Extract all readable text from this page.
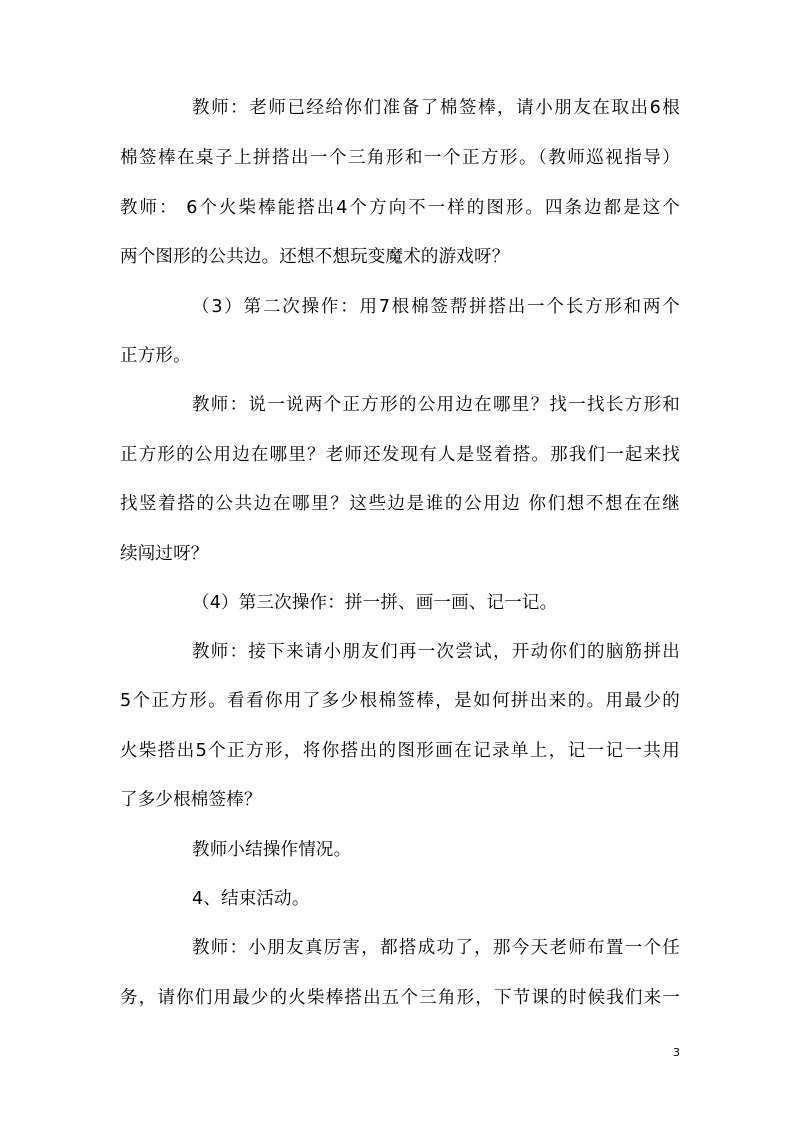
教师：老师已经给你们准备了棉签棒，请小朋友在取出6根
棉签棒在桌子上拼搭出一个三角形和一个正方形。（教师巡视指导）
教师： 6个火柴棒能搭出4个方向不一样的图形。四条边都是这个
两个图形的公共边。还想不想玩变魔术的游戏呀？
（3）第二次操作：用7根棉签帮拼搭出一个长方形和两个
正方形。
教师：说一说两个正方形的公用边在哪里？找一找长方形和
正方形的公用边在哪里？老师还发现有人是竖着搭。那我们一起来找
找竖着搭的公共边在哪里？这些边是谁的公用边 你们想不想在在继
续闯过呀？
（4）第三次操作：拼一拼、画一画、记一记。
教师：接下来请小朋友们再一次尝试，开动你们的脑筋拼出
5个正方形。看看你用了多少根棉签棒，是如何拼出来的。用最少的
火柴搭出5个正方形，将你搭出的图形画在记录单上，记一记一共用
了多少根棉签棒？
教师小结操作情况。
4、结束活动。
教师：小朋友真厉害，都搭成功了，那今天老师布置一个任
务，请你们用最少的火柴棒搭出五个三角形，下节课的时候我们来一
3
